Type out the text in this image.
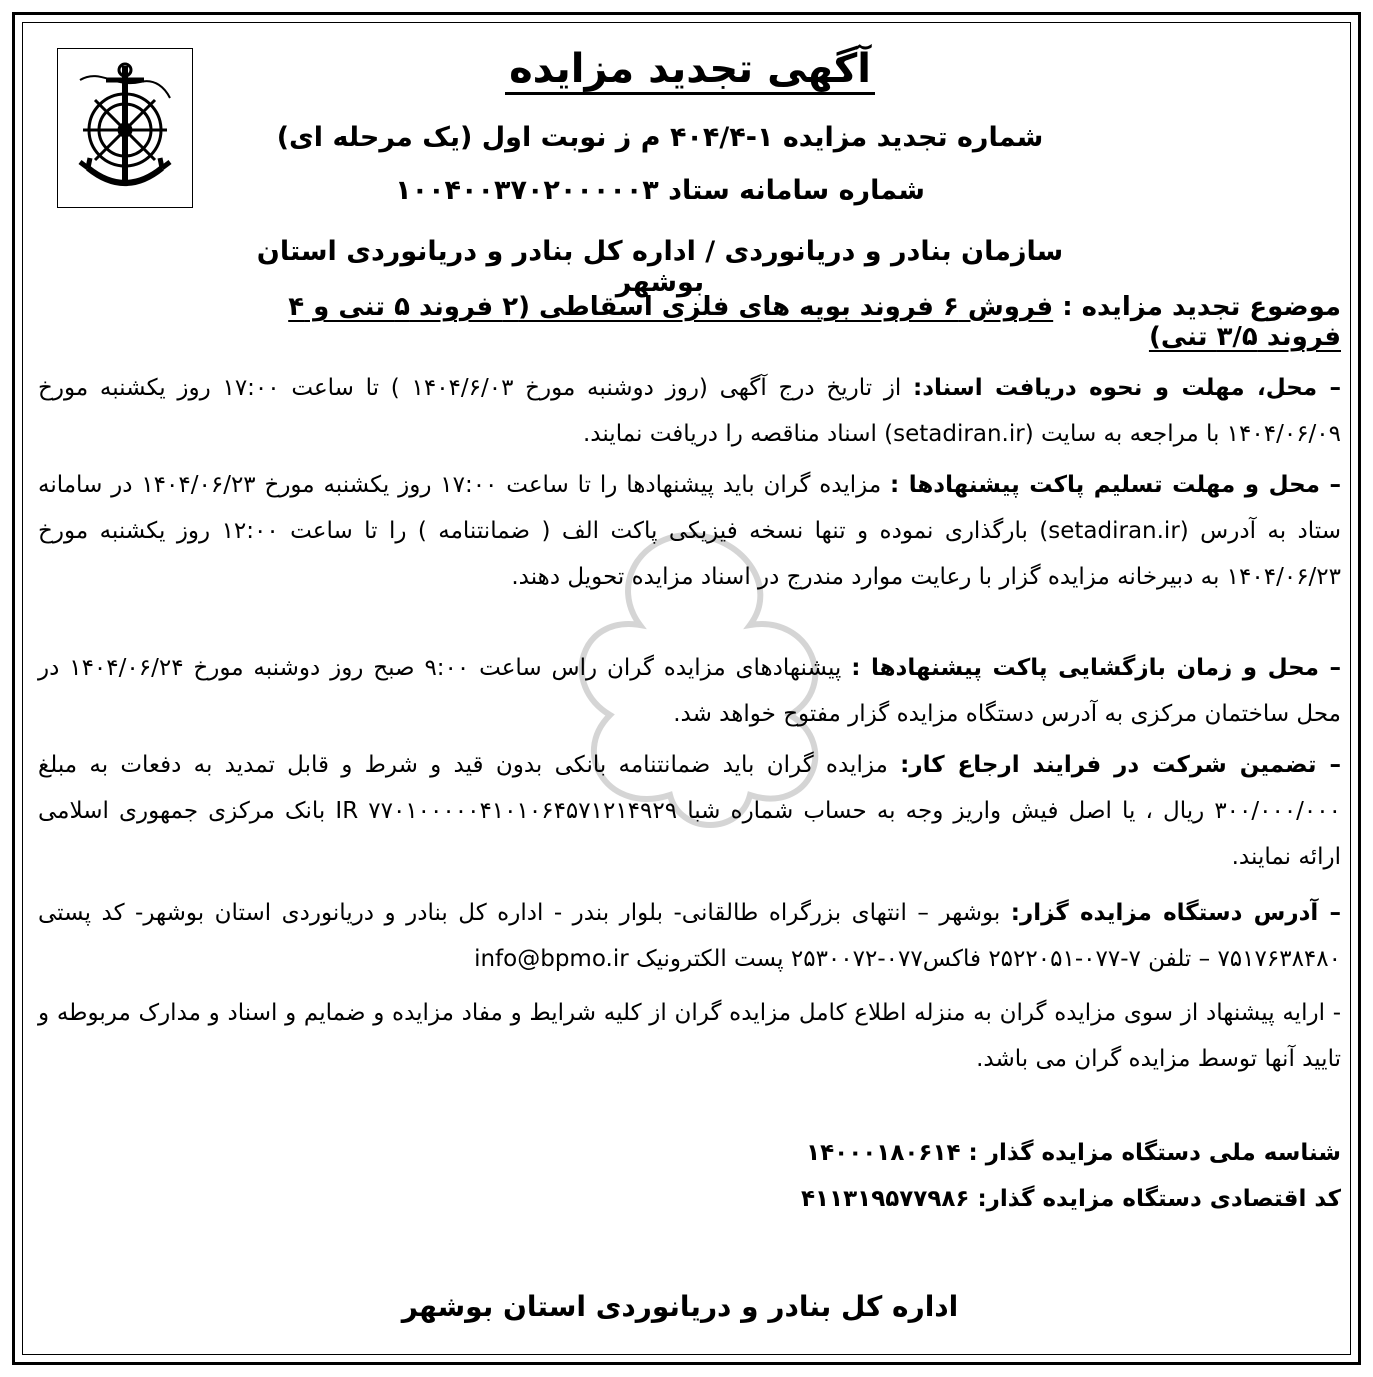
آگهی تجدید مزایده
شماره تجدید مزایده ۱-۴۰۴/۴ م ز نوبت اول (یک مرحله ای)
شماره سامانه ستاد ۱۰۰۴۰۰۳۷۰۲۰۰۰۰۰۳
سازمان بنادر و دریانوردی / اداره کل بنادر و دریانوردی استان بوشهر
موضوع تجدید مزایده : فروش ۶ فروند بویه های فلزی اسقاطی (۲ فروند ۵ تنی و ۴ فروند ۳/۵ تنی)
– محل، مهلت و نحوه دریافت اسناد: از تاریخ درج آگهی (روز دوشنبه مورخ ۱۴۰۴/۶/۰۳ ) تا ساعت ۱۷:۰۰ روز یکشنبه مورخ ۱۴۰۴/۰۶/۰۹ با مراجعه به سایت (setadiran.ir) اسناد مناقصه را دریافت نمایند.
– محل و مهلت تسلیم پاکت پیشنهادها : مزایده گران باید پیشنهادها را تا ساعت ۱۷:۰۰ روز یکشنبه مورخ ۱۴۰۴/۰۶/۲۳ در سامانه ستاد به آدرس (setadiran.ir) بارگذاری نموده و تنها نسخه فیزیکی پاکت الف ( ضمانتنامه ) را تا ساعت ۱۲:۰۰ روز یکشنبه مورخ ۱۴۰۴/۰۶/۲۳ به دبیرخانه مزایده گزار با رعایت موارد مندرج در اسناد مزایده تحویل دهند.
– محل و زمان بازگشایی پاکت پیشنهادها : پیشنهادهای مزایده گران راس ساعت ۹:۰۰ صبح روز دوشنبه مورخ ۱۴۰۴/۰۶/۲۴ در محل ساختمان مرکزی به آدرس دستگاه مزایده گزار مفتوح خواهد شد.
– تضمین شرکت در فرایند ارجاع کار: مزایده گران باید ضمانتنامه بانکی بدون قید و شرط و قابل تمدید به دفعات به مبلغ ۳۰۰/۰۰۰/۰۰۰ ریال ، یا اصل فیش واریز وجه به حساب شماره شبا IR ۷۷۰۱۰۰۰۰۰۴۱۰۱۰۶۴۵۷۱۲۱۴۹۲۹ بانک مرکزی جمهوری اسلامی ارائه نمایند.
– آدرس دستگاه مزایده گزار: بوشهر – انتهای بزرگراه طالقانی- بلوار بندر - اداره کل بنادر و دریانوردی استان بوشهر- کد پستی ۷۵۱۷۶۳۸۴۸۰ – تلفن ۷-۰۷۷-۲۵۲۲۰۵۱ فاکس۰۷۷-۲۵۳۰۰۷۲ پست الکترونیک info@bpmo.ir
- ارایه پیشنهاد از سوی مزایده گران به منزله اطلاع کامل مزایده گران از کلیه شرایط و مفاد مزایده و ضمایم و اسناد و مدارک مربوطه و تایید آنها توسط مزایده گران می باشد.
شناسه ملی دستگاه مزایده گذار : ۱۴۰۰۰۱۸۰۶۱۴
کد اقتصادی دستگاه مزایده گذار: ۴۱۱۳۱۹۵۷۷۹۸۶
اداره کل بنادر و دریانوردی استان بوشهر
